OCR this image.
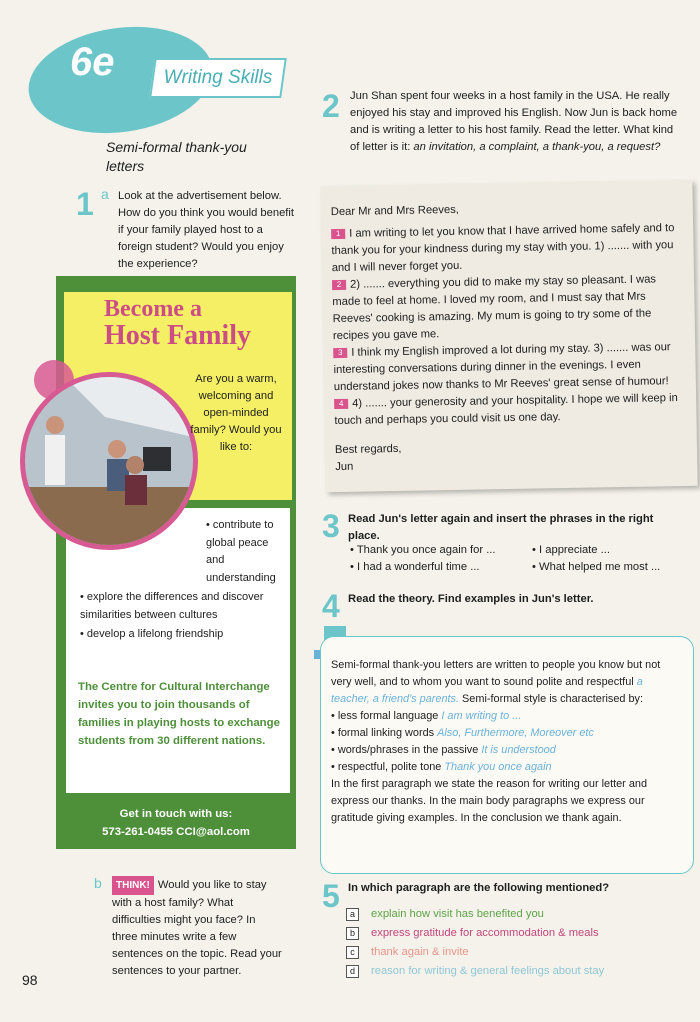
6e	Writing Skills
Semi-formal thank-you letters
1 a Look at the advertisement below. How do you think you would benefit if your family played host to a foreign student? Would you enjoy the experience?
Become a
Host Family
Are you a warm, welcoming and open-minded family? Would you like to:
• contribute to global peace and understanding
• explore the differences and discover similarities between cultures
• develop a lifelong friendship
The Centre for Cultural Interchange invites you to join thousands of families in playing hosts to exchange students from 30 different nations.
Get in touch with us:
573-261-0455 CCI@aol.com
b	THINK! Would you like to stay with a host family? What difficulties might you face? In three minutes write a few sentences on the topic. Read your sentences to your partner.
98
2 Jun Shan spent four weeks in a host family in the USA. He really enjoyed his stay and improved his English. Now Jun is back home and is writing a letter to his host family. Read the letter. What kind of letter is it: an invitation, a complaint, a thank-you, a request?
Dear Mr and Mrs Reeves,
1 I am writing to let you know that I have arrived home safely and to thank you for your kindness during my stay with you. 1) ....... with you and I will never forget you.
2 2) ....... everything you did to make my stay so pleasant. I was made to feel at home. I loved my room, and I must say that Mrs Reeves' cooking is amazing. My mum is going to try some of the recipes you gave me.
3 I think my English improved a lot during my stay. 3) ....... was our interesting conversations during dinner in the evenings. I even understand jokes now thanks to Mr Reeves' great sense of humour!
4 4) ....... your generosity and your hospitality. I hope we will keep in touch and perhaps you could visit us one day.
Best regards,
Jun
3 Read Jun's letter again and insert the phrases in the right place.
• Thank you once again for ...
• I had a wonderful time ...
• I appreciate ...
• What helped me most ...
4 Read the theory. Find examples in Jun's letter.
Semi-formal thank-you letters are written to people you know but not very well, and to whom you want to sound polite and respectful a teacher, a friend's parents. Semi-formal style is characterised by:
• less formal language I am writing to ...
• formal linking words Also, Furthermore, Moreover etc
• words/phrases in the passive It is understood
• respectful, polite tone Thank you once again
In the first paragraph we state the reason for writing our letter and express our thanks. In the main body paragraphs we express our gratitude giving examples. In the conclusion we thank again.
5 In which paragraph are the following mentioned?
a explain how visit has benefited you
b express gratitude for accommodation & meals
c thank again & invite
d reason for writing & general feelings about stay
